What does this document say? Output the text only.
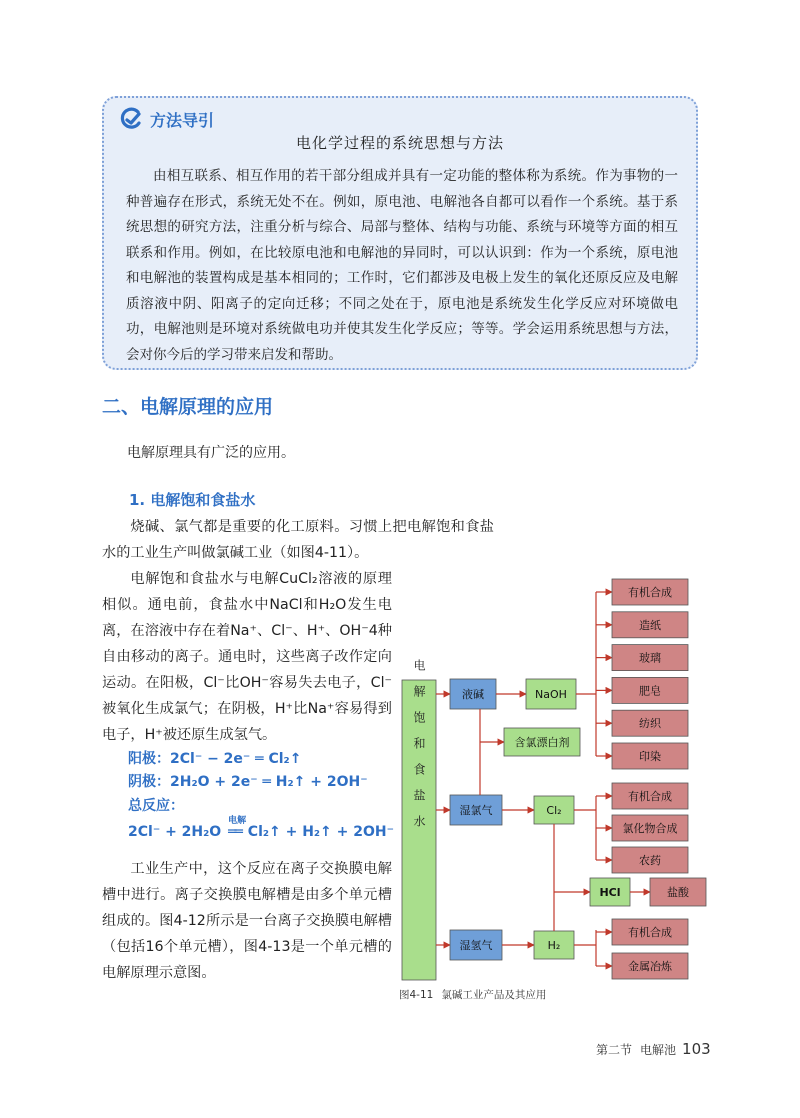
方法导引
电化学过程的系统思想与方法

由相互联系、相互作用的若干部分组成并具有一定功能的整体称为系统。作为事物的一种普遍存在形式，系统无处不在。例如，原电池、电解池各自都可以看作一个系统。基于系统思想的研究方法，注重分析与综合、局部与整体、结构与功能、系统与环境等方面的相互联系和作用。例如，在比较原电池和电解池的异同时，可以认识到：作为一个系统，原电池和电解池的装置构成是基本相同的；工作时，它们都涉及电极上发生的氧化还原反应及电解质溶液中阴、阳离子的定向迁移；不同之处在于，原电池是系统发生化学反应对环境做电功，电解池则是环境对系统做电功并使其发生化学反应；等等。学会运用系统思想与方法，会对你今后的学习带来启发和帮助。

二、电解原理的应用

电解原理具有广泛的应用。

1. 电解饱和食盐水

烧碱、氯气都是重要的化工原料。习惯上把电解饱和食盐水的工业生产叫做氯碱工业（如图4-11）。

电解饱和食盐水与电解CuCl₂溶液的原理相似。通电前，食盐水中NaCl和H₂O发生电离，在溶液中存在着Na⁺、Cl⁻、H⁺、OH⁻4种自由移动的离子。通电时，这些离子改作定向运动。在阳极，Cl⁻比OH⁻容易失去电子，Cl⁻被氧化生成氯气；在阴极，H⁺比Na⁺容易得到电子，H⁺被还原生成氢气。

阳极：2Cl⁻ − 2e⁻ ═ Cl₂↑
阴极：2H₂O + 2e⁻ ═ H₂↑ + 2OH⁻
总反应：
2Cl⁻ + 2H₂O
电解
══ Cl₂↑ + H₂↑ + 2OH⁻

工业生产中，这个反应在离子交换膜电解槽中进行。离子交换膜电解槽是由多个单元槽组成的。图4-12所示是一台离子交换膜电解槽（包括16个单元槽），图4-13是一个单元槽的电解原理示意图。

电解饱和食盐水	液碱
湿氯气
湿氢气
NaOH
含氯漂白剂
Cl₂
H₂
HCl	盐酸
有机合成
造纸
玻璃
肥皂
纺织
印染
有机合成
氯化物合成
农药
有机合成
金属冶炼
图4-11 氯碱工业产品及其应用
第二节 电解池 103
